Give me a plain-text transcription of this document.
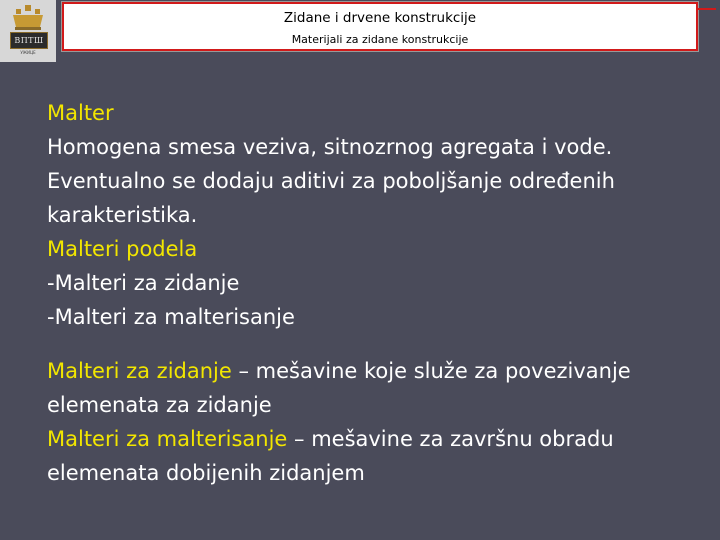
ВПТШ
УЖИЦЕ
Zidane i drvene konstrukcije
Materijali za zidane konstrukcije
Malter
Homogena smesa veziva, sitnozrnog agregata i vode.
Eventualno se dodaju aditivi za poboljšanje određenih
karakteristika.
Malteri podela
-Malteri za zidanje
-Malteri za malterisanje
Malteri za zidanje – mešavine koje služe za povezivanje
elemenata za zidanje
Malteri za malterisanje – mešavine za završnu obradu
elemenata dobijenih zidanjem
